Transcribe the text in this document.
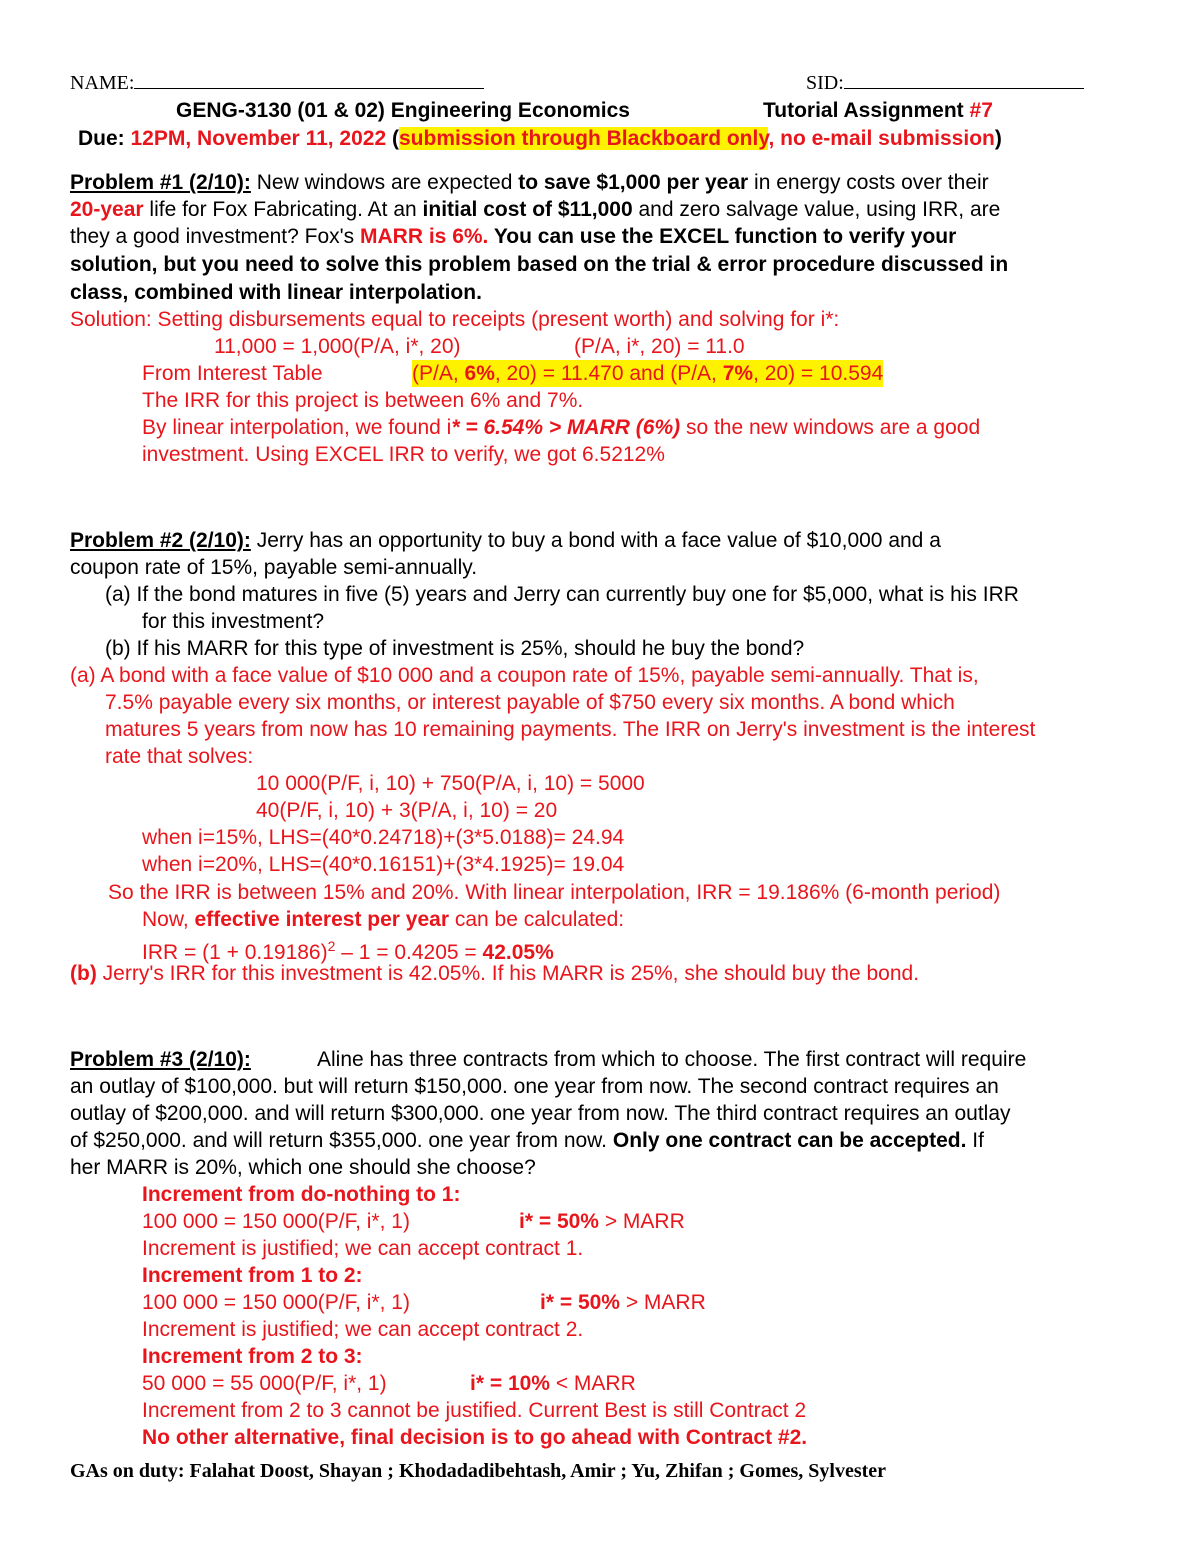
NAME:	SID:
GENG-3130 (01 & 02) Engineering Economics	Tutorial Assignment #7
Due: 12PM, November 11, 2022 (submission through Blackboard only, no e-mail submission)
Problem #1 (2/10): New windows are expected to save $1,000 per year in energy costs over their
20-year life for Fox Fabricating. At an initial cost of $11,000 and zero salvage value, using IRR, are
they a good investment? Fox's MARR is 6%. You can use the EXCEL function to verify your
solution, but you need to solve this problem based on the trial & error procedure discussed in
class, combined with linear interpolation.
Solution: Setting disbursements equal to receipts (present worth) and solving for i*:
11,000 = 1,000(P/A, i*, 20)	(P/A, i*, 20) = 11.0
From Interest Table	(P/A, 6%, 20) = 11.470 and (P/A, 7%, 20) = 10.594
The IRR for this project is between 6% and 7%.
By linear interpolation, we found i* = 6.54% > MARR (6%) so the new windows are a good
investment. Using EXCEL IRR to verify, we got 6.5212%
Problem #2 (2/10): Jerry has an opportunity to buy a bond with a face value of $10,000 and a
coupon rate of 15%, payable semi-annually.
(a) If the bond matures in five (5) years and Jerry can currently buy one for $5,000, what is his IRR
for this investment?
(b) If his MARR for this type of investment is 25%, should he buy the bond?
(a) A bond with a face value of $10 000 and a coupon rate of 15%, payable semi-annually. That is,
7.5% payable every six months, or interest payable of $750 every six months. A bond which
matures 5 years from now has 10 remaining payments. The IRR on Jerry's investment is the interest
rate that solves:
10 000(P/F, i, 10) + 750(P/A, i, 10) = 5000
40(P/F, i, 10) + 3(P/A, i, 10) = 20
when i=15%, LHS=(40*0.24718)+(3*5.0188)= 24.94
when i=20%, LHS=(40*0.16151)+(3*4.1925)= 19.04
So the IRR is between 15% and 20%. With linear interpolation, IRR = 19.186% (6-month period)
Now, effective interest per year can be calculated:
IRR = $(1 + 0.19186)^2 - 1 = 0.4205 = 42.05\%$
(b) Jerry's IRR for this investment is 42.05%. If his MARR is 25%, she should buy the bond.
Problem #3 (2/10):	Aline has three contracts from which to choose. The first contract will require
an outlay of $100,000. but will return $150,000. one year from now. The second contract requires an
outlay of $200,000. and will return $300,000. one year from now. The third contract requires an outlay
of $250,000. and will return $355,000. one year from now. Only one contract can be accepted. If
her MARR is 20%, which one should she choose?
Increment from do-nothing to 1:
100 000 = 150 000(P/F, i*, 1)	i* = 50% > MARR
Increment is justified; we can accept contract 1.
Increment from 1 to 2:
100 000 = 150 000(P/F, i*, 1)	i* = 50% > MARR
Increment is justified; we can accept contract 2.
Increment from 2 to 3:
50 000 = 55 000(P/F, i*, 1)	i* = 10% < MARR
Increment from 2 to 3 cannot be justified. Current Best is still Contract 2
No other alternative, final decision is to go ahead with Contract #2.
GAs on duty: Falahat Doost, Shayan ; Khodadadibehtash, Amir ; Yu, Zhifan ; Gomes, Sylvester
